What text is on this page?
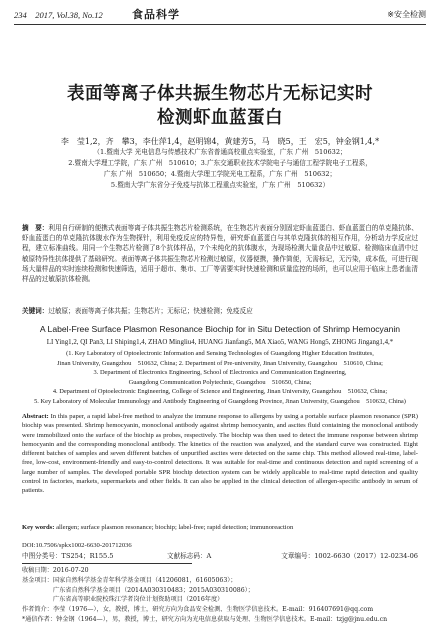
234　2017, Vol.38, No.12	食品科学	※安全检测
表面等离子体共振生物芯片无标记实时
检测虾血蓝蛋白
李　莹1,2，齐　攀3，李仕萍1,4，赵明锦4，黄建芳5，马　晓5，王　宏5，钟金钢1,4,*
（1.暨南大学 光电信息与传感技术广东省普通高校重点实验室，广东 广州　510632；
2.暨南大学理工学院，广东 广州　510610；3.广东交通职业技术学院电子与通信工程学院电子工程系，
广东 广州　510650；4.暨南大学理工学院光电工程系，广东 广州　510632；
5.暨南大学广东省分子免疫与抗体工程重点实验室，广东 广州　510632）
摘　要：利用自行研制的便携式表面等离子体共振生物芯片检测系统，在生物芯片表面分别固定虾血蓝蛋白、虾血蓝蛋白的单克隆抗体、虾血蓝蛋白的单克隆抗体腹水作为生物探针，利用免疫反应的特异性，研究虾血蓝蛋白与其单克隆抗体的相互作用，分析动力学反应过程，建立标准曲线。用同一个生物芯片检测了8个抗体样品，7个未纯化的抗体腹水，为现场检测大量食品中过敏原、检测临床血清中过敏原特异性抗体提供了基础研究。表面等离子体共振生物芯片检测过敏原，仪器便携，操作简便，无需标记，无污染，成本低，可进行现场大量样品的实时连续检测和快速筛选，适用于超市、集市、工厂等需要实时快速检测和质量监控的场所，也可以应用于临床上患者血清样品的过敏原抗体检测。
关键词：过敏原；表面等离子体共振；生物芯片；无标记；快速检测；免疫反应
A Label-Free Surface Plasmon Resonance Biochip for in Situ Detection of Shrimp Hemocyanin
LI Ying1,2, QI Pan3, LI Shiping1,4, ZHAO Mingliu4, HUANG Jianfang5, MA Xiao5, WANG Hong5, ZHONG Jingang1,4,*
(1. Key Laboratory of Optoelectronic Information and Sensing Technologies of Guangdong Higher Education Institutes,
Jinan University, Guangzhou　510632, China; 2. Department of Pre-university, Jinan University, Guangzhou　510610, China;
3. Department of Electronics Engineering, School of Electronics and Communication Engineering,
Guangdong Communication Polytechnic, Guangzhou　510650, China;
4. Department of Optoelectronic Engineering, College of Science and Engineering, Jinan University, Guangzhou　510632, China;
5. Key Laboratory of Molecular Immunology and Antibody Engineering of Guangdong Province, Jinan University, Guangzhou　510632, China)
Abstract: In this paper, a rapid label-free method to analyze the immune response to allergens by using a portable surface plasmon resonance (SPR) biochip was presented. Shrimp hemocyanin, monoclonal antibody against shrimp hemocyanin, and ascites fluid containing the monoclonal antibody were immobilized onto the surface of the biochip as probes, respectively. The biochip was then used to detect the immune response between shrimp hemocyanin and the corresponding monoclonal antibody. The kinetics of the reaction was analyzed, and the standard curve was constructed. Eight different batches of samples and seven different batches of unpurified ascites were detected on the same chip. This method allowed real-time, label-free, low-cost, environment-friendly and easy-to-control detections. It was suitable for real-time and continuous detection and rapid screening of a large number of samples. The developed portable SPR biochip detection system can be widely applicable to real-time rapid detection and quality control in factories, markets, supermarkets and other fields. It can also be applied in the clinical detection of allergen-specific antibody in serum of patients.
Key words: allergen; surface plasmon resonance; biochip; label-free; rapid detection; immunoreaction
DOI:10.7506/spkx1002-6630-201712036
中图分类号：TS254；R155.5	文献标志码：A	文章编号：1002-6630（2017）12-0234-06
收稿日期：2016-07-20
基金项目：国家自然科学基金青年科学基金项目（41206081，61605063）；
　　　　　广东省自然科学基金项目（2014A030310483；2015A030310086）；
　　　　　广东省高等职业院校珠江学者岗位计划资助项目（2016年度）
作者简介：李莹（1976—），女，教授，博士，研究方向为食品安全检测、生物医学信息技术。E-mail：916407691@qq.com
*通信作者：钟金钢（1964—），男，教授，博士，研究方向为光电信息获取与处理、生物医学信息技术。E-mail：tzjg@jnu.edu.cn
